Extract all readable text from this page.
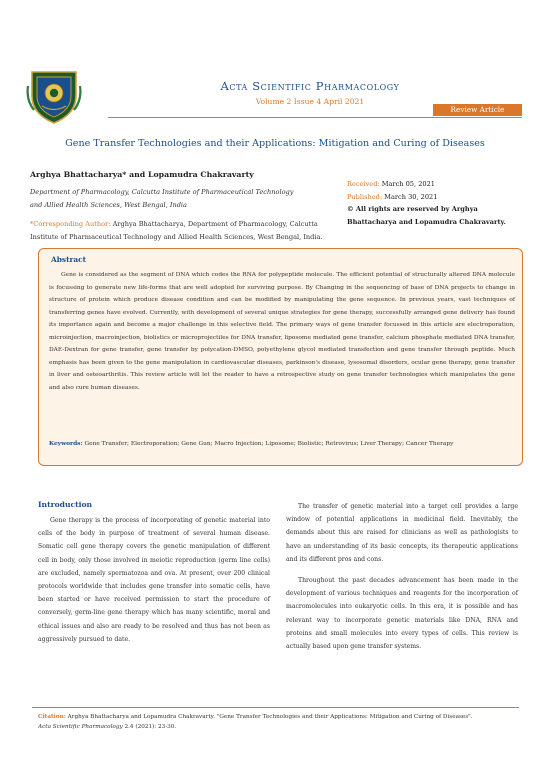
Acta Scientific Pharmacology
Volume 2 Issue 4 April 2021
Review Article
Gene Transfer Technologies and their Applications: Mitigation and Curing of Diseases
Arghya Bhattacharya* and Lopamudra Chakravarty
Department of Pharmacology, Calcutta Institute of Pharmaceutical Technology
and Allied Health Sciences, West Bengal, India
*Corresponding Author: Arghya Bhattacharya, Department of Pharmacology, Calcutta Institute of Pharmaceutical Technology and Allied Health Sciences, West Bengal, India.
Received: March 05, 2021
Published: March 30, 2021
© All rights are reserved by Arghya Bhattacharya and Lopamudra Chakravarty.
Abstract
Gene is considered as the segment of DNA which codes the RNA for polypeptide molecule. The efficient potential of structurally altered DNA molecule is focussing to generate new life-forms that are well adopted for surviving purpose. By Changing in the sequencing of base of DNA projects to change in structure of protein which produce disease condition and can be modified by manipulating the gene sequence. In previous years, vast techniques of transferring genes have evolved. Currently, with development of several unique strategies for gene therapy, successfully arranged gene delivery has found its importance again and become a major challenge in this selective field. The primary ways of gene transfer focussed in this article are electroporation, microinjection, macroinjection, biolistics or microprojectiles for DNA transfer, liposome mediated gene transfer, calcium phosphate mediated DNA transfer, DAE-Dextran for gene transfer, gene transfer by polycation-DMSO, polyethylene glycol mediated transfection and gene transfer through peptide. Much emphasis has been given to the gene manipulation in cardiovascular diseases, parkinson's disease, lysosomal disorders, ocular gene therapy, gene transfer in liver and osteoarthritis. This review article will let the reader to have a retrospective study on gene transfer technologies which manipulates the gene and also cure human diseases.
Keywords: Gene Transfer; Electroporation; Gene Gun; Macro Injection; Liposome; Biolistic; Retrovirus; Liver Therapy; Cancer Therapy
Introduction
Gene therapy is the process of incorporating of genetic material into cells of the body in purpose of treatment of several human disease. Somatic cell gene therapy covers the genetic manipulation of different cell in body, only those involved in meiotic reproduction (germ line cells) are excluded, namely spermatozoa and ova. At present, over 200 clinical protocols worldwide that includes gene transfer into somatic cells, have been started or have received permission to start the procedure of conversely, germ-line gene therapy which has many scientific, moral and ethical issues and also are ready to be resolved and thus has not been as aggressively pursued to date.

The transfer of genetic material into a target cell provides a large window of potential applications in medicinal field. Inevitably, the demands about this are raised for clinicians as well as pathologists to have an understanding of its basic concepts, its therapeutic applications and its different pros and cons.

Throughout the past decades advancement has been made in the development of various techniques and reagents for the incorporation of macromolecules into eukaryotic cells. In this era, it is possible and has relevant way to incorporate genetic materials like DNA, RNA and proteins and small molecules into every types of cells. This review is actually based upon gene transfer systems.

Citation: Arghya Bhattacharya and Lopamudra Chakravarty. "Gene Transfer Technologies and their Applications: Mitigation and Curing of Diseases".
Acta Scientific Pharmacology 2.4 (2021): 23-30.
